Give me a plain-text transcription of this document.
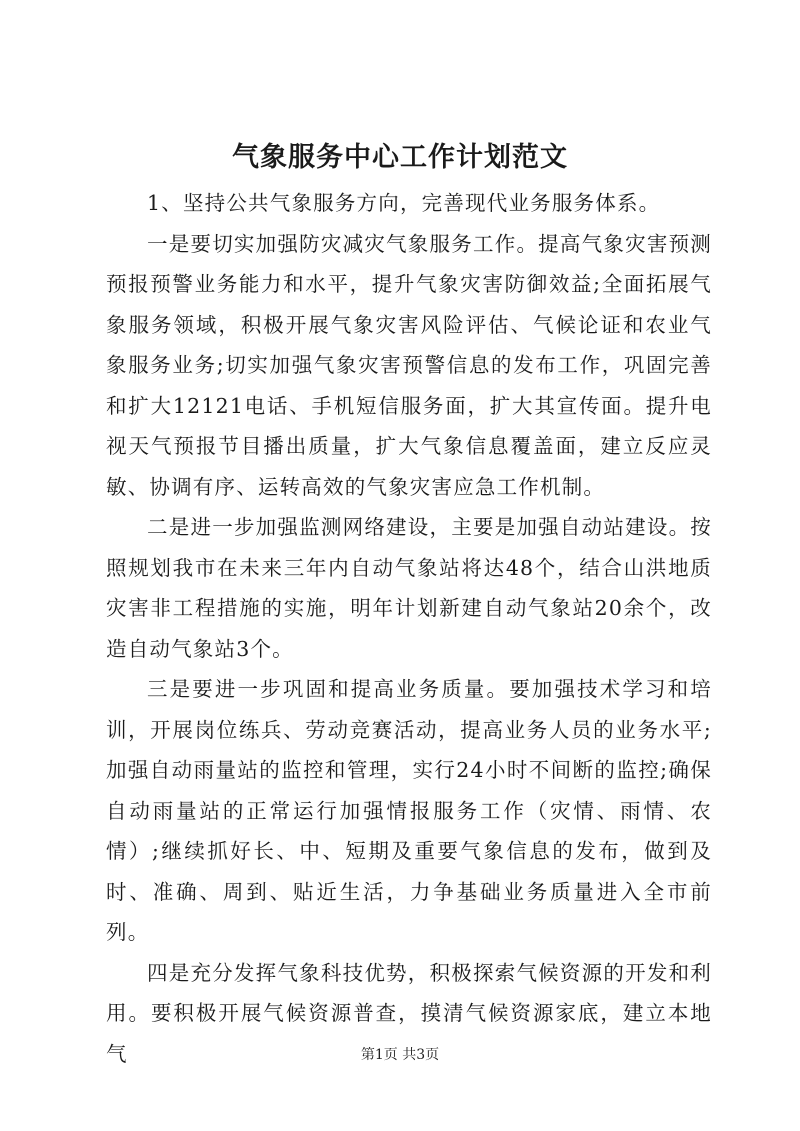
气象服务中心工作计划范文

1、坚持公共气象服务方向，完善现代业务服务体系。

一是要切实加强防灾减灾气象服务工作。提高气象灾害预测预报预警业务能力和水平，提升气象灾害防御效益;全面拓展气象服务领域，积极开展气象灾害风险评估、气候论证和农业气象服务业务;切实加强气象灾害预警信息的发布工作，巩固完善和扩大12121电话、手机短信服务面，扩大其宣传面。提升电视天气预报节目播出质量，扩大气象信息覆盖面，建立反应灵敏、协调有序、运转高效的气象灾害应急工作机制。

二是进一步加强监测网络建设，主要是加强自动站建设。按照规划我市在未来三年内自动气象站将达48个，结合山洪地质灾害非工程措施的实施，明年计划新建自动气象站20余个，改造自动气象站3个。

三是要进一步巩固和提高业务质量。要加强技术学习和培训，开展岗位练兵、劳动竞赛活动，提高业务人员的业务水平;加强自动雨量站的监控和管理，实行24小时不间断的监控;确保自动雨量站的正常运行加强情报服务工作（灾情、雨情、农情）;继续抓好长、中、短期及重要气象信息的发布，做到及时、准确、周到、贴近生活，力争基础业务质量进入全市前列。

四是充分发挥气象科技优势，积极探索气候资源的开发和利用。要积极开展气候资源普查，摸清气候资源家底，建立本地气	第1页 共3页
